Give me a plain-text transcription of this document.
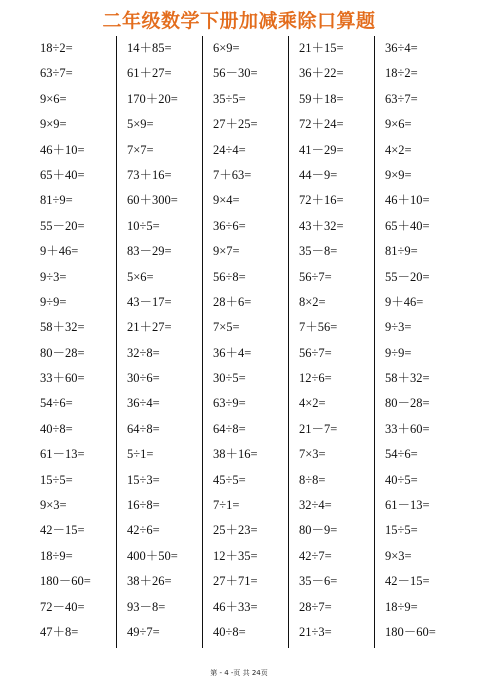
二年级数学下册加减乘除口算题
18÷2=
63÷7=
9×6=
9×9=
46＋10=
65＋40=
81÷9=
55－20=
9＋46=
9÷3=
9÷9=
58＋32=
80－28=
33＋60=
54÷6=
40÷8=
61－13=
15÷5=
9×3=
42－15=
18÷9=
180－60=
72－40=
47＋8=
14＋85=
61＋27=
170＋20=
5×9=
7×7=
73＋16=
60＋300=
10÷5=
83－29=
5×6=
43－17=
21＋27=
32÷8=
30÷6=
36÷4=
64÷8=
5÷1=
15÷3=
16÷8=
42÷6=
400＋50=
38＋26=
93－8=
49÷7=
6×9=
56－30=
35÷5=
27＋25=
24÷4=
7＋63=
9×4=
36÷6=
9×7=
56÷8=
28＋6=
7×5=
36＋4=
30÷5=
63÷9=
64÷8=
38＋16=
45÷5=
7÷1=
25＋23=
12＋35=
27＋71=
46＋33=
40÷8=
21＋15=
36＋22=
59＋18=
72＋24=
41－29=
44－9=
72＋16=
43＋32=
35－8=
56÷7=
8×2=
7＋56=
56÷7=
12÷6=
4×2=
21－7=
7×3=
8÷8=
32÷4=
80－9=
42÷7=
35－6=
28÷7=
21÷3=
36÷4=
18÷2=
63÷7=
9×6=
4×2=
9×9=
46＋10=
65＋40=
81÷9=
55－20=
9＋46=
9÷3=
9÷9=
58＋32=
80－28=
33＋60=
54÷6=
40÷5=
61－13=
15÷5=
9×3=
42－15=
18÷9=
180－60=
第 - 4 -页 共 24页
